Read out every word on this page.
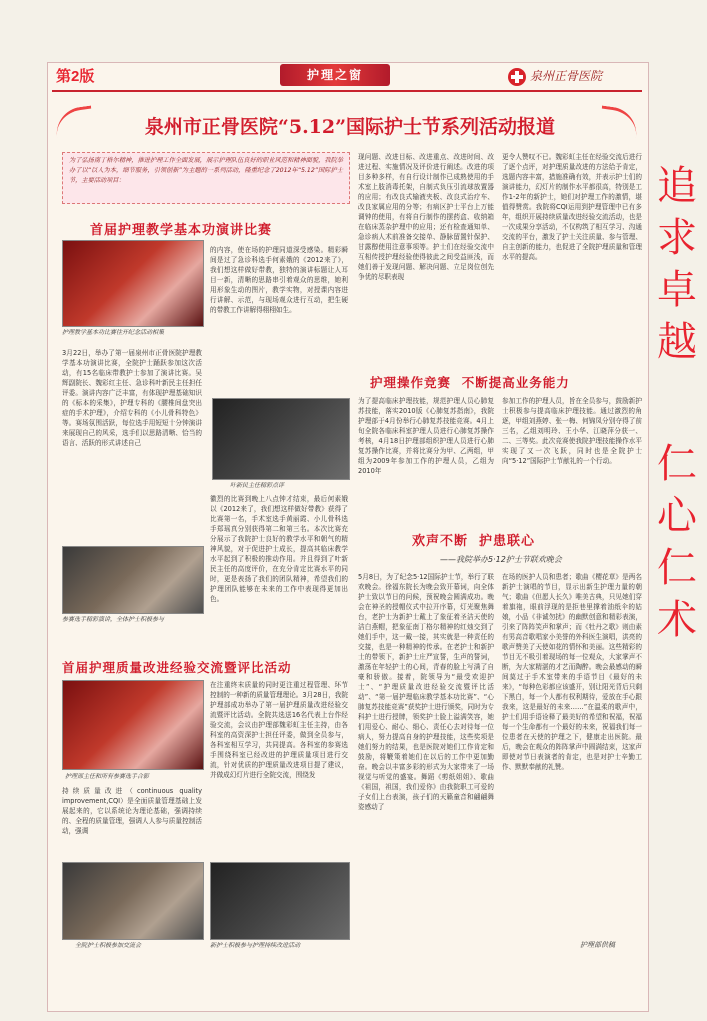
第2版	护理之窗	泉州正骨医院
泉州市正骨医院“5.12”国际护士节系列活动报道
为了弘扬南丁格尔精神，推进护理工作全面发展，展示护理队伍良好的职业风范和精神面貌，我院举办了以“以人为本，细节服务，引领创新”为主题的一系列活动，隆重纪念了2012年“5.12”国际护士节，主要活动项目：
首届护理教学基本功演讲比赛
护理教学基本功比赛往开纪念活动相集
3月22日，举办了第一届泉州市正骨医院护理教学基本功演讲比赛，全院护士踊跃参加这次活动，有15名临床带教护士参加了演讲比赛。吴辉副院长、魏彩红主任、急诊科叶新民主任担任评委。演讲内容广泛丰富，有体现护理基础知识的《标本的采集》，护理专科的《腰椎间盘突出症的手术护理》，介绍专科的《小儿骨科特色》等。赛场氛围活跃，每位选手用短短十分钟演讲来展现自己的风采，选手们以思路清晰、恰当的语言、活跃的形式讲述自己
的内容，使在场的护理同道深受感染。精彩瞬间是过了急诊科选手何素娥的《2012来了》，我们想这样做好带教，独特的演讲标题让人耳目一新，清晰的思路串引着观众的思维，她利用形象生动的图片，教学实物，对授课内容进行讲解、示范，与现场观众进行互动，把生硬的带教工作讲解得栩栩如生。
叶新民主任精彩点评
徽烈的比赛到晚上八点钟才结束，最后何素娥以《2012来了，我们想这样做好带教》获得了比赛第一名，手术室选手黄丽霞、小儿骨科选手郑瑶真分别获得第二和第三名。本次比赛充分展示了我院护士良好的教学水平和朝气的精神风貌，对于促进护士成长，提高其临床教学水平起到了积极的推动作用。并且得到了叶新民主任的高度评价，在充分肯定比赛水平的同时，更是表扬了我们的团队精神，希望我们的护理团队能够在未来的工作中表现得更加出色。
参赛选手精彩演讲，全体护士积极参与
首届护理质量改进经验交流暨评比活动
护理部主任和所有参赛选手合影
持续质量改进（continuous quality improvement,CQI）是全面质量管理基础上发展起来的，它以系统论为理论基础，强调持续的、全程的质量管理，强调人人参与质量控制活动，强调
在注重终末质量的同时更注重过程管理、环节控制的一种新的质量管理理论。3月28日，我院护理部成功举办了第一届护理质量改进经验交流暨评比活动。全院共选送16名代表上台作经验交流，会议由护理部魏彩虹主任主持，由各科室的高资深护士担任评委，做到全员参与，各科室相互学习，共同提高。各科室的参赛选手围绕科室已经改进的护理质量项目进行交流，针对优质的护理质量改进项目提了建议，并做成幻灯片进行全院交流，围绕发
全院护士积极参加交流会	新护士积极参与护理持续改进活动
现问题、改进目标、改进重点、改进时间、改进过程、实施情况及评价进行阐述。改进的项目多种多样，有自行设计制作已成熟使用的手术室上肢消毒托架，自制式负压引流球放置器的应用；有改良式输液夹板、改良式治疗车、改良家属应用的分等；有病区护士平台上万能调钟的使用，有将自行制作的摆药盒、收纳箱在临床蒸杂护理中的应用；还有检查通知单、急诊病人术前准备交接单、静脉留置针保护、甘露醇使用注意事项等。护士们在经验交流中互相传授护理经验使得彼此之间受益匪浅，而她们善于发现问题、解决问题、立足岗位创先争优的尽职表现
更令人赞叹不已。魏彩虹主任在经验交流后进行了逐个点评，对护理质量改进的方法给予肯定，选题内容丰富，措施准确有效，并表示护士们的演讲能力，幻灯片的制作水平都很高，特别是工作1-2年的新护士，她们对护理工作的激情，堪值得赞赏。我院将CQI运用到护理管理中已有多年，组织开展持续质量改进经验交流活动，也是一次成果分享活动，不仅构筑了相互学习、沟通交流的平台，激发了护士关注质量、参与管理、自主创新的能力，也促进了全院护理质量和管理水平的提高。
护理操作竞赛  不断提高业务能力
为了提高临床护理技能，规范护理人员心肺复苏技能，落实2010版《心肺复苏指南》，我院护理部于4月份举行心肺复苏技能竞赛。4月上旬全院各临床科室护理人员进行心肺复苏操作考核，4月18日护理部组织护理人员进行心肺复苏操作比赛，并将比赛分为甲、乙两组，甲组为2009年参加工作的护理人员，乙组为2010年
参加工作的护理人员，旨在全员参与，鼓励新护士积极参与提高临床护理技能。通过激烈的角逐，甲组刘燕婷、张一梅、何锦凤分别夺得了前三名，乙组刘明玲、王小华、江晓萍分获一、二、三等奖。此次竞赛使我院护理技能操作水平实现了又一次飞跃，同时也是全院护士向“5·12”国际护士节献礼的一个行动。
欢声不断  护患联心
——我院举办5·12护士节联欢晚会
5月8日，为了纪念5·12国际护士节，举行了联欢晚会。徐福东院长为晚会致开幕词，向全体护士致以节日的问候，预祝晚会圆满成功。晚会在神圣的授帽仪式中拉开序幕，灯光聚焦舞台，老护士为新护士戴上了象征着圣洁天使的洁白燕帽，把象征南丁格尔精神的红烛交到了她们手中，这一戴一接，其实就是一种责任的交接，也是一种精神的传承。在老护士和新护士的带领下，新护士庄严宣誓，生声的誓词，激荡在年轻护士的心间，青春的脸上写满了自豪和骄傲。接着，院领导为“最受欢迎护士”、“护理质量改进经验交流暨评比活动”、“第一届护理临床教学基本功比赛”、“心肺复苏技能竞赛”获奖护士进行颁奖，同时为专科护士进行授牌，领奖护士脸上溢满笑容，她们用爱心、耐心、细心、责任心去对待每一位病人，努力提高自身的护理技能，这些奖项是她们努力的结果，也是医院对她们工作肯定和鼓励，将鞭策着她们在以后的工作中更加勤奋。晚会以丰富多彩的形式为大家带来了一场视觉与听觉的盛宴。舞蹈《剪纸姐姐》、歌曲《祖国，祖国，我们爱你》由我院职工可爱的子女们上台表演，孩子们的天籁童音和翩翩舞姿感动了
在场的医护人员和患者；歌曲《樱花草》是两名新护士演唱的节目，显示出新生护理力量的朝气；歌曲《但愿人长久》唯美古典，只见她们穿着旗袍，眼前浮现的是拒巷里撑着油纸伞的姑娘，小品《非诚勿扰》的幽默创意和精彩表演，引来了阵阵笑声和掌声；而《牡丹之歌》则由素有男高音歌唱家小美誉的外科医生演唱，洪亮的歌声赞美了天使如花的情怀和美丽。这些精彩的节目无不吸引着现场的每一位观众，大家掌声不断，为大家精湛的才艺而陶醉。晚会最感动的瞬间莫过于手术室带来的手语节目《最好的未来》，“每种色彩都应该盛开，别让阳光背后只剩下黑白，每一个人都有权利期待，爱放在手心跟我来，这是最好的未来……”在温柔的歌声中，护士们用手语诠释了最美好的希望和祝福，祝福每一个生命都有一个最好的未来，祝福我们每一位患者在天使的护理之下，健康走出医院。最后，晚会在观众的阵阵掌声中圆满结束，这家声即使对节日表演者的肯定，也是对护士辛勤工作、默默奉献的礼赞。
护理部供稿
追
求
卓
越
仁
心
仁
术
